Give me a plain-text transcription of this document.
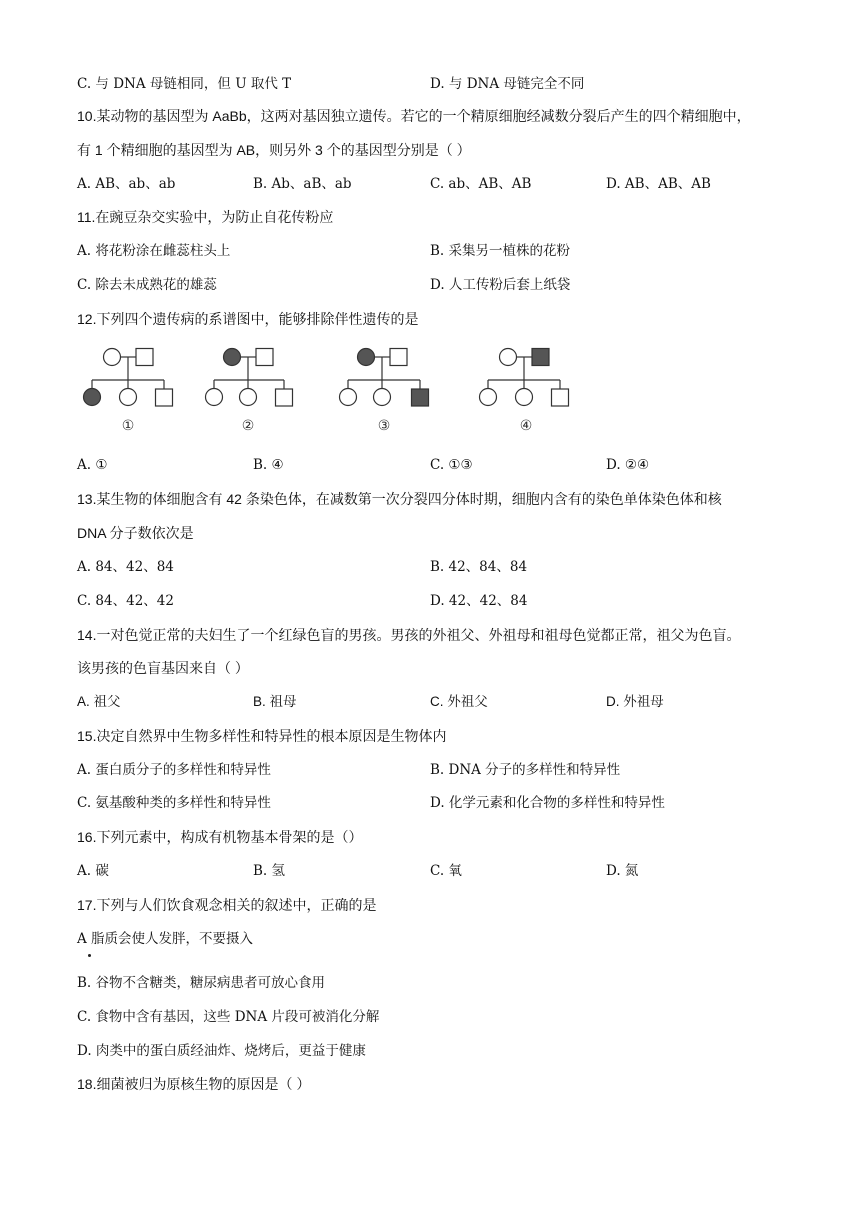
C. 与 DNA 母链相同，但 U 取代 T	D. 与 DNA 母链完全不同
10.某动物的基因型为 AaBb，这两对基因独立遗传。若它的一个精原细胞经减数分裂后产生的四个精细胞中，
有 1 个精细胞的基因型为 AB，则另外 3 个的基因型分别是（ ）
A. AB、ab、ab	B. Ab、aB、ab	C. ab、AB、AB	D. AB、AB、AB
11.在豌豆杂交实验中，为防止自花传粉应
A. 将花粉涂在雌蕊柱头上	B. 采集另一植株的花粉
C. 除去未成熟花的雄蕊	D. 人工传粉后套上纸袋
12.下列四个遗传病的系谱图中，能够排除伴性遗传的是
①	②	③	④
A. ①	B. ④	C. ①③	D. ②④
13.某生物的体细胞含有 42 条染色体，在减数第一次分裂四分体时期，细胞内含有的染色单体染色体和核
DNA 分子数依次是
A. 84、42、84	B. 42、84、84
C. 84、42、42	D. 42、42、84
14.一对色觉正常的夫妇生了一个红绿色盲的男孩。男孩的外祖父、外祖母和祖母色觉都正常，祖父为色盲。
该男孩的色盲基因来自（ ）
A. 祖父	B. 祖母	C. 外祖父	D. 外祖母
15.决定自然界中生物多样性和特异性的根本原因是生物体内
A. 蛋白质分子的多样性和特异性	B. DNA 分子的多样性和特异性
C. 氨基酸种类的多样性和特异性	D. 化学元素和化合物的多样性和特异性
16.下列元素中，构成有机物基本骨架的是（）
A. 碳	B. 氢	C. 氧	D. 氮
17.下列与人们饮食观念相关的叙述中，正确的是
A 脂质会使人发胖，不要摄入
B. 谷物不含糖类，糖尿病患者可放心食用
C. 食物中含有基因，这些 DNA 片段可被消化分解
D. 肉类中的蛋白质经油炸、烧烤后，更益于健康
18.细菌被归为原核生物的原因是（ ）
